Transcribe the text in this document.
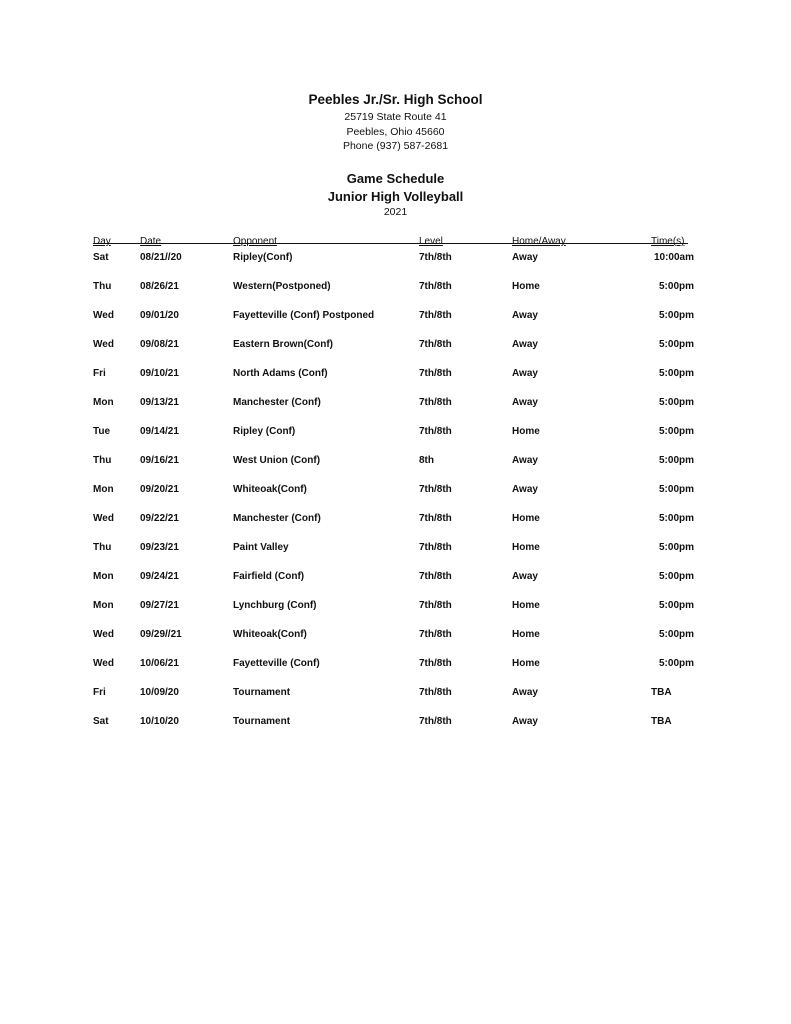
Peebles Jr./Sr. High School
25719 State Route 41
Peebles, Ohio 45660
Phone (937) 587-2681
Game Schedule
Junior High Volleyball
2021
Day	Date	Opponent	Level	Home/Away	Time(s)
Sat	08/21//20	Ripley(Conf)	7th/8th	Away	10:00am
Thu	08/26/21	Western(Postponed)	7th/8th	Home	5:00pm
Wed	09/01/20	Fayetteville (Conf) Postponed	7th/8th	Away	5:00pm
Wed	09/08/21	Eastern Brown(Conf)	7th/8th	Away	5:00pm
Fri	09/10/21	North Adams (Conf)	7th/8th	Away	5:00pm
Mon	09/13/21	Manchester (Conf)	7th/8th	Away	5:00pm
Tue	09/14/21	Ripley (Conf)	7th/8th	Home	5:00pm
Thu	09/16/21	West Union (Conf)	8th	Away	5:00pm
Mon	09/20/21	Whiteoak(Conf)	7th/8th	Away	5:00pm
Wed	09/22/21	Manchester (Conf)	7th/8th	Home	5:00pm
Thu	09/23/21	Paint Valley	7th/8th	Home	5:00pm
Mon	09/24/21	Fairfield (Conf)	7th/8th	Away	5:00pm
Mon	09/27/21	Lynchburg (Conf)	7th/8th	Home	5:00pm
Wed	09/29//21	Whiteoak(Conf)	7th/8th	Home	5:00pm
Wed	10/06/21	Fayetteville (Conf)	7th/8th	Home	5:00pm
Fri	10/09/20	Tournament	7th/8th	Away	TBA
Sat	10/10/20	Tournament	7th/8th	Away	TBA
